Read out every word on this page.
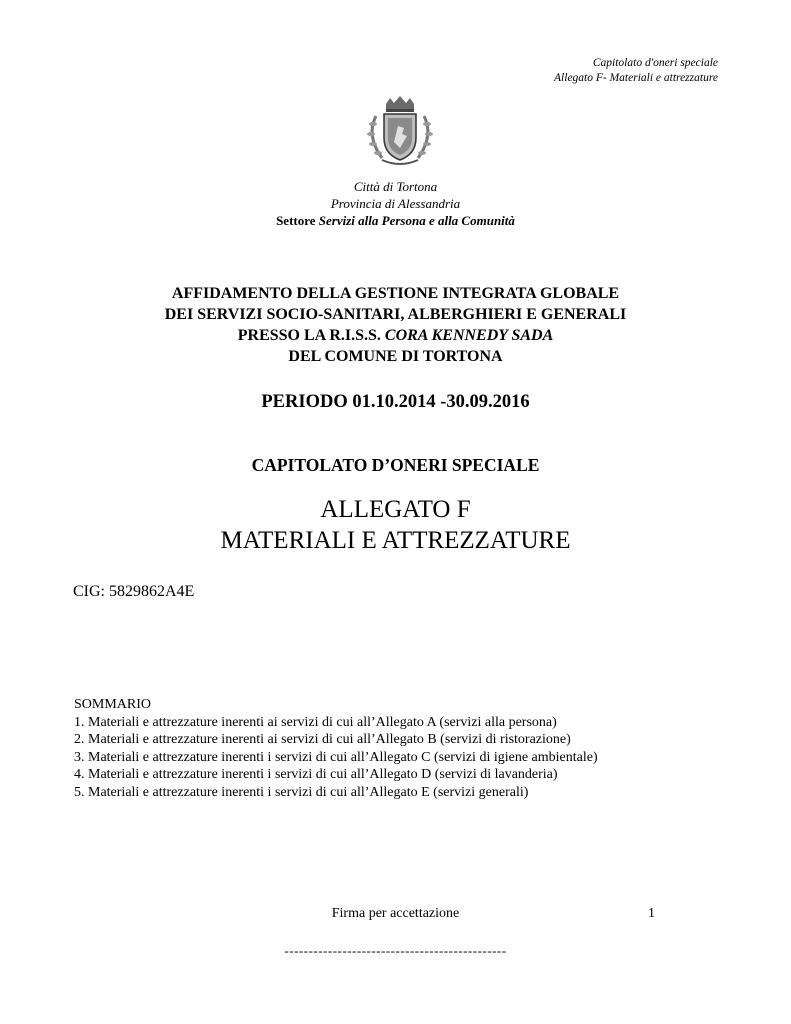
Capitolato d'oneri speciale
Allegato F- Materiali e attrezzature
Città di Tortona
Provincia di Alessandria
Settore Servizi alla Persona e alla Comunità
AFFIDAMENTO DELLA GESTIONE INTEGRATA GLOBALE
DEI SERVIZI SOCIO-SANITARI, ALBERGHIERI E GENERALI
PRESSO LA R.I.S.S. CORA KENNEDY SADA
DEL COMUNE DI TORTONA
PERIODO 01.10.2014 -30.09.2016
CAPITOLATO D’ONERI SPECIALE
ALLEGATO F
MATERIALI E ATTREZZATURE
CIG: 5829862A4E
SOMMARIO
1. Materiali e attrezzature inerenti ai servizi di cui all’Allegato A (servizi alla persona)
2. Materiali e attrezzature inerenti ai servizi di cui all’Allegato B (servizi di ristorazione)
3. Materiali e attrezzature inerenti i servizi di cui all’Allegato C (servizi di igiene ambientale)
4. Materiali e attrezzature inerenti i servizi di cui all’Allegato D (servizi di lavanderia)
5. Materiali e attrezzature inerenti i servizi di cui all’Allegato E (servizi generali)
Firma per accettazione	1
----------------------------------------------
